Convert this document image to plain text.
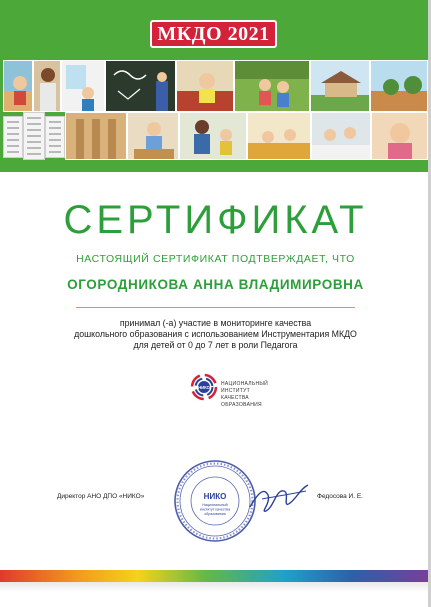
МКДО 2021
СЕРТИФИКАТ
НАСТОЯЩИЙ СЕРТИФИКАТ ПОДТВЕРЖДАЕТ, ЧТО
ОГОРОДНИКОВА АННА ВЛАДИМИРОВНА
принимал (-а) участие в мониторинге качества
дошкольного образования с использованием Инструментария МКДО
для детей от 0 до 7 лет в роли Педагога
НИКО
НАЦИОНАЛЬНЫЙ
ИНСТИТУТ
КАЧЕСТВА
ОБРАЗОВАНИЯ
НИКО
Национальный
институт качества
образования
Директор АНО ДПО «НИКО»	Федосова И. Е.
